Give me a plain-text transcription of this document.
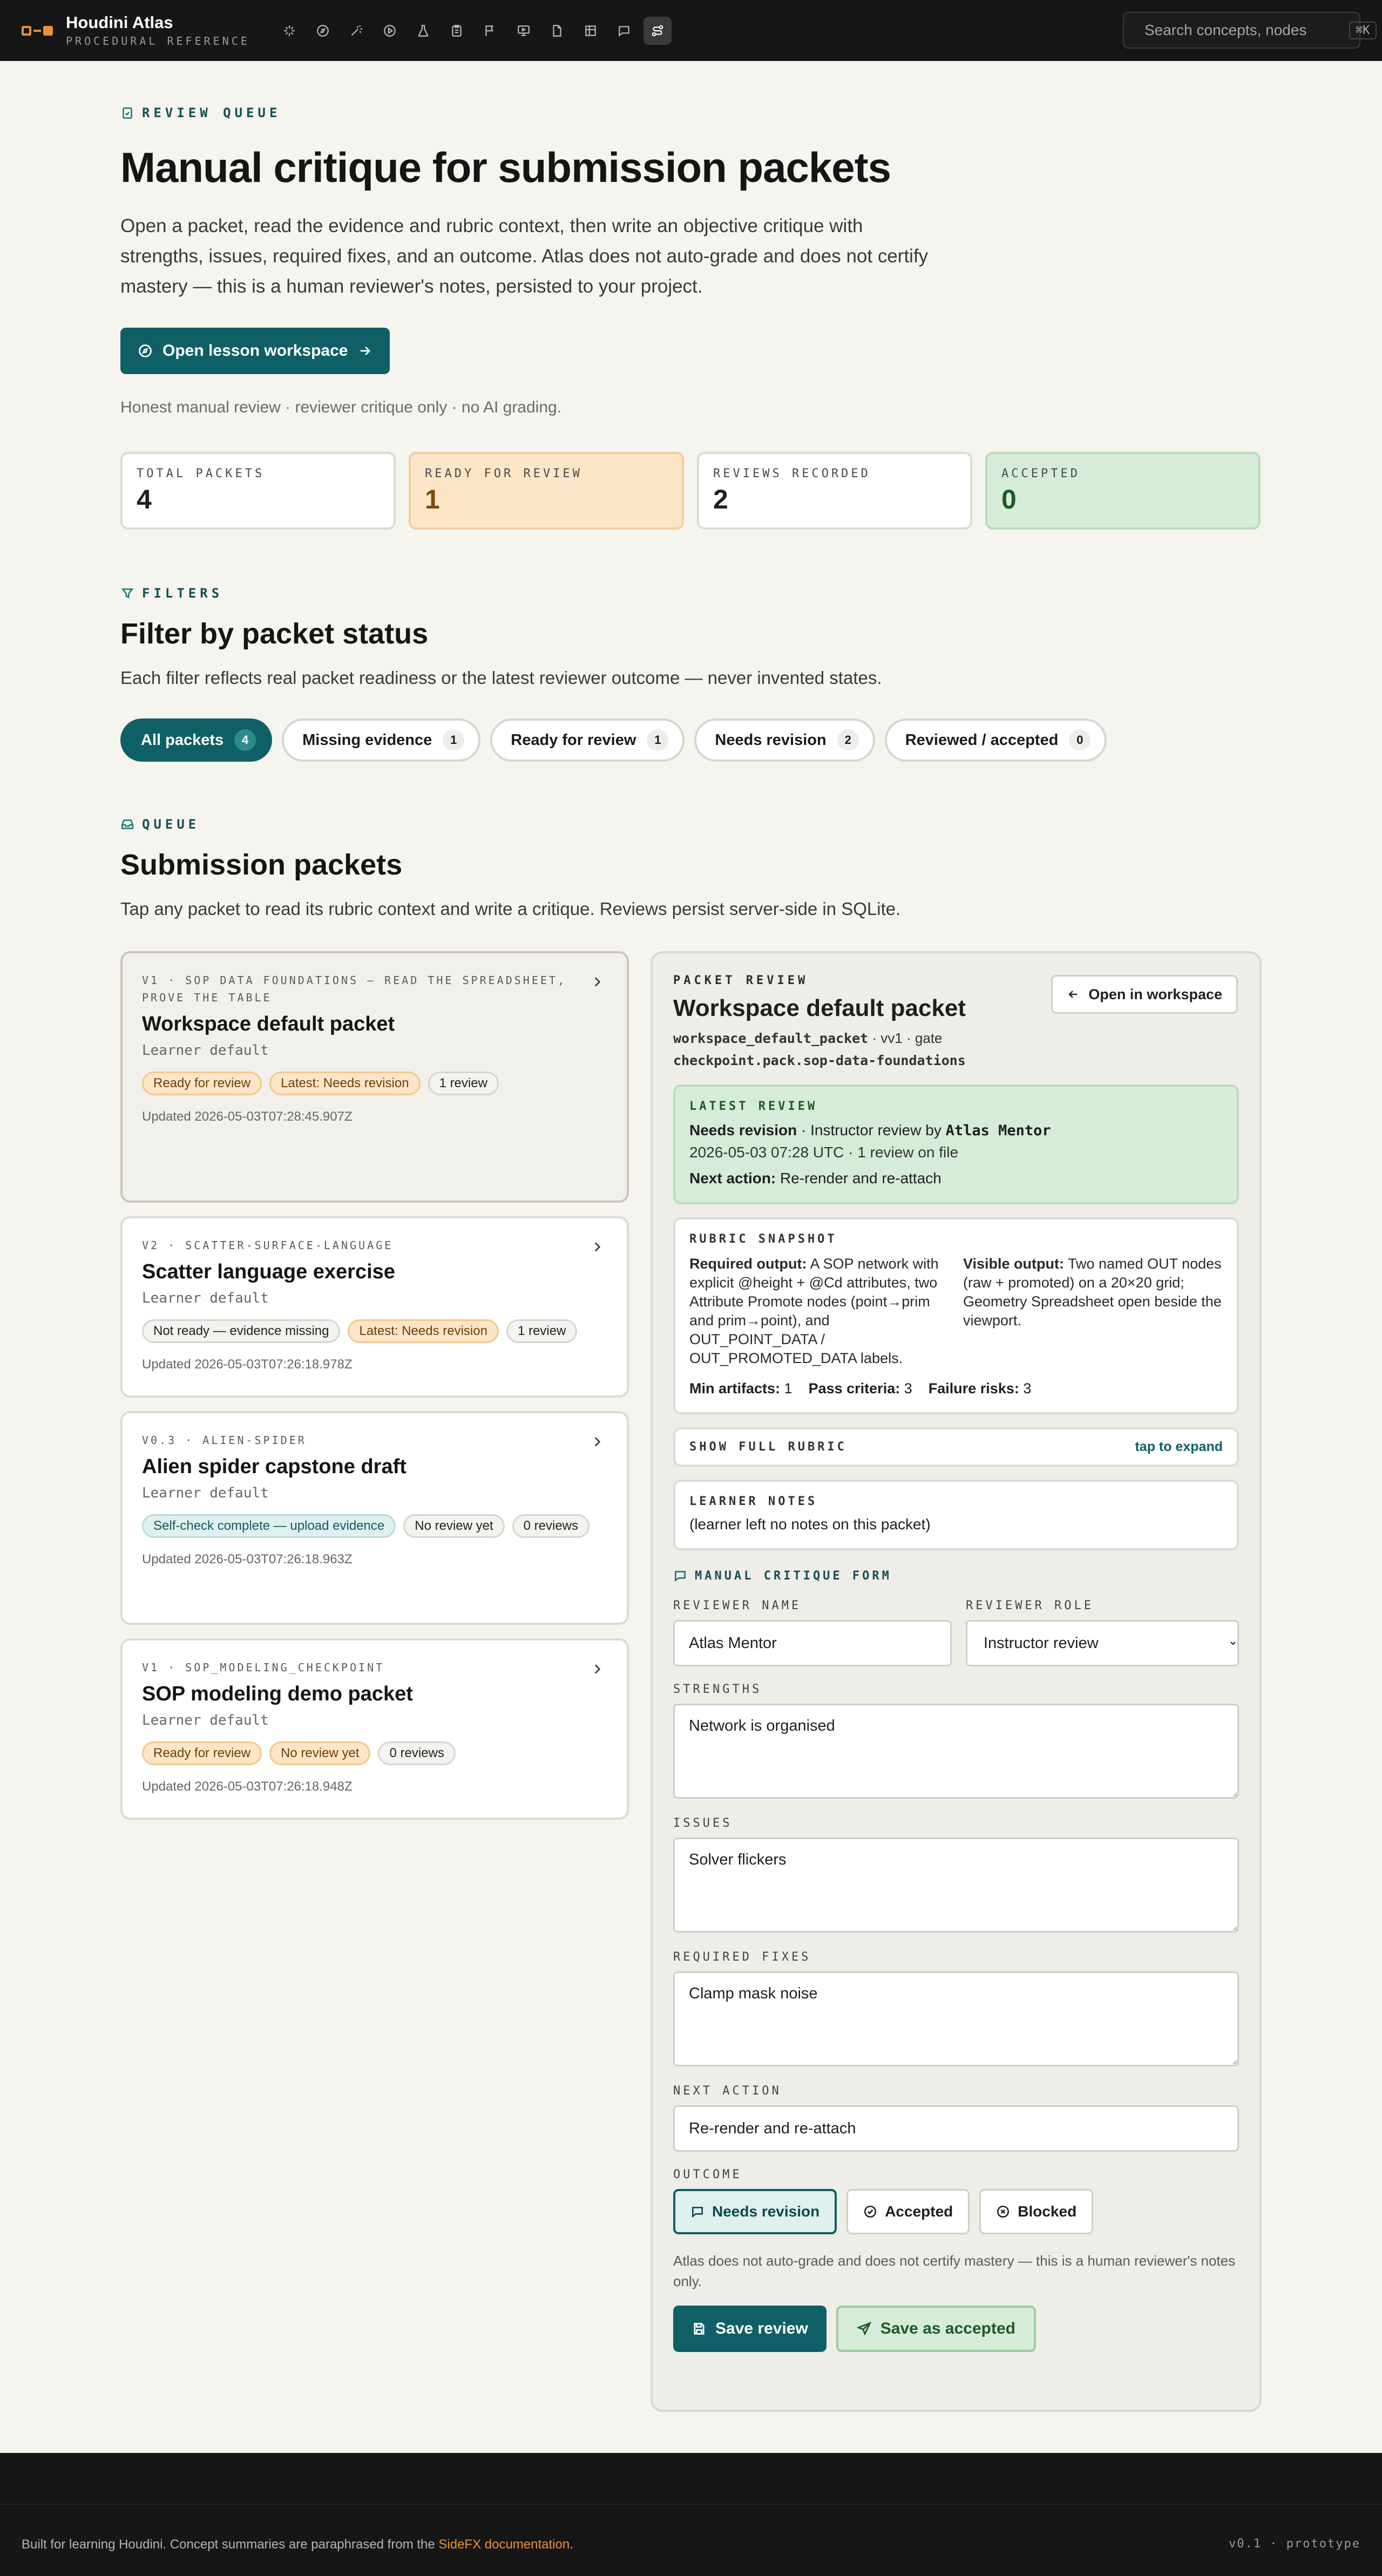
Houdini Atlas
PROCEDURAL REFERENCE
Search concepts, nodes
⌘K
REVIEW QUEUE
Manual critique for submission packets

Open a packet, read the evidence and rubric context, then write an objective critique with strengths, issues, required fixes, and an outcome. Atlas does not auto-grade and does not certify mastery — this is a human reviewer's notes, persisted to your project.

Open lesson workspace

Honest manual review · reviewer critique only · no AI grading.

TOTAL PACKETS
4
READY FOR REVIEW
1
REVIEWS RECORDED
2
ACCEPTED
0
FILTERS
Filter by packet status

Each filter reflects real packet readiness or the latest reviewer outcome — never invented states.

All packets	4	Missing evidence	1	Ready for review	1	Needs revision	2	Reviewed / accepted	0
QUEUE
Submission packets

Tap any packet to read its rubric context and write a critique. Reviews persist server-side in SQLite.

V1 · SOP DATA FOUNDATIONS — READ THE SPREADSHEET, PROVE THE TABLE
Workspace default packet
Learner default
Ready for review	Latest: Needs revision	1 review
Updated 2026-05-03T07:28:45.907Z
V2 · SCATTER-SURFACE-LANGUAGE
Scatter language exercise
Learner default
Not ready — evidence missing	Latest: Needs revision	1 review
Updated 2026-05-03T07:26:18.978Z
V0.3 · ALIEN-SPIDER
Alien spider capstone draft
Learner default
Self-check complete — upload evidence	No review yet	0 reviews
Updated 2026-05-03T07:26:18.963Z
V1 · SOP_MODELING_CHECKPOINT
SOP modeling demo packet
Learner default
Ready for review	No review yet	0 reviews
Updated 2026-05-03T07:26:18.948Z
PACKET REVIEW
Workspace default packet
workspace_default_packet · vv1 · gate checkpoint.pack.sop-data-foundations
Open in workspace
LATEST REVIEW

Needs revision · Instructor review by Atlas Mentor

2026-05-03 07:28 UTC · 1 review on file

Next action: Re-render and re-attach

RUBRIC SNAPSHOT
Required output: A SOP network with explicit @height + @Cd attributes, two Attribute Promote nodes (point→prim and prim→point), and OUT_POINT_DATA / OUT_PROMOTED_DATA labels.
Visible output: Two named OUT nodes (raw + promoted) on a 20×20 grid; Geometry Spreadsheet open beside the viewport.

Min artifacts: 1 Pass criteria: 3 Failure risks: 3

SHOW FULL RUBRIC	tap to expand
LEARNER NOTES

(learner left no notes on this packet)

MANUAL CRITIQUE FORM
REVIEWER NAME
Atlas Mentor	REVIEWER ROLE
Instructor review
STRENGTHS
Network is organised
ISSUES
Solver flickers
REQUIRED FIXES
Clamp mask noise
NEXT ACTION
Re-render and re-attach
OUTCOME
Needs revision	Accepted	Blocked

Atlas does not auto-grade and does not certify mastery — this is a human reviewer's notes only.

Save review	Save as accepted
Built for learning Houdini. Concept summaries are paraphrased from the SideFX documentation.	v0.1 · prototype
